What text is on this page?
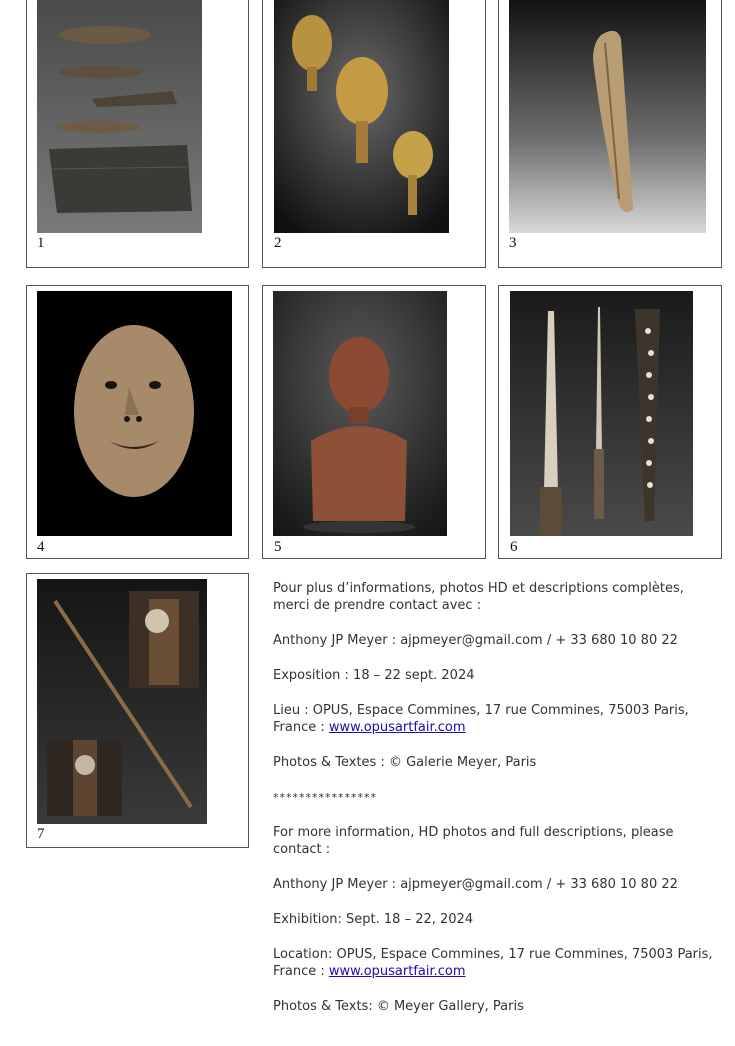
1	2	3
4	5	6
7

Pour plus d’informations, photos HD et descriptions complètes, merci de prendre contact avec :

Anthony JP Meyer : ajpmeyer@gmail.com / + 33 680 10 80 22

Exposition : 18 – 22 sept. 2024

Lieu : OPUS, Espace Commines, 17 rue Commines, 75003 Paris, France : www.opusartfair.com

Photos & Textes : © Galerie Meyer, Paris

****************

For more information, HD photos and full descriptions, please contact :

Anthony JP Meyer : ajpmeyer@gmail.com / + 33 680 10 80 22

Exhibition: Sept. 18 – 22, 2024

Location: OPUS, Espace Commines, 17 rue Commines, 75003 Paris, France : www.opusartfair.com

Photos & Texts: © Meyer Gallery, Paris
